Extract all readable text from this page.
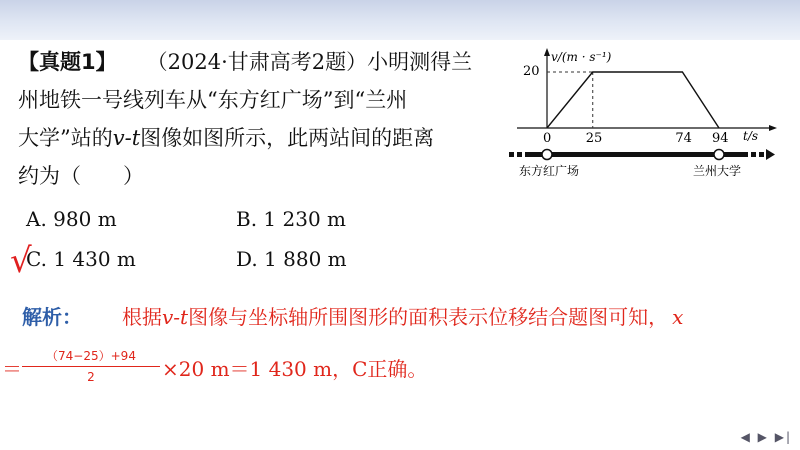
【真题1】 （2024·甘肃高考2题）小明测得兰
州地铁一号线列车从“东方红广场”到“兰州
大学”站的v-t图像如图所示，此两站间的距离
约为（　　）
A. 980 m	B. 1 230 m
C. 1 430 m	D. 1 880 m
√
解析： 根据v-t图像与坐标轴所围图形的面积表示位移结合题图可知， x
＝
（74−25）+94
2	×20 m＝1 430 m，C正确。
v/(m · s⁻¹)
t/s
20
0	25	74 94
东方红广场	兰州大学
◀ ▶ ▶|
